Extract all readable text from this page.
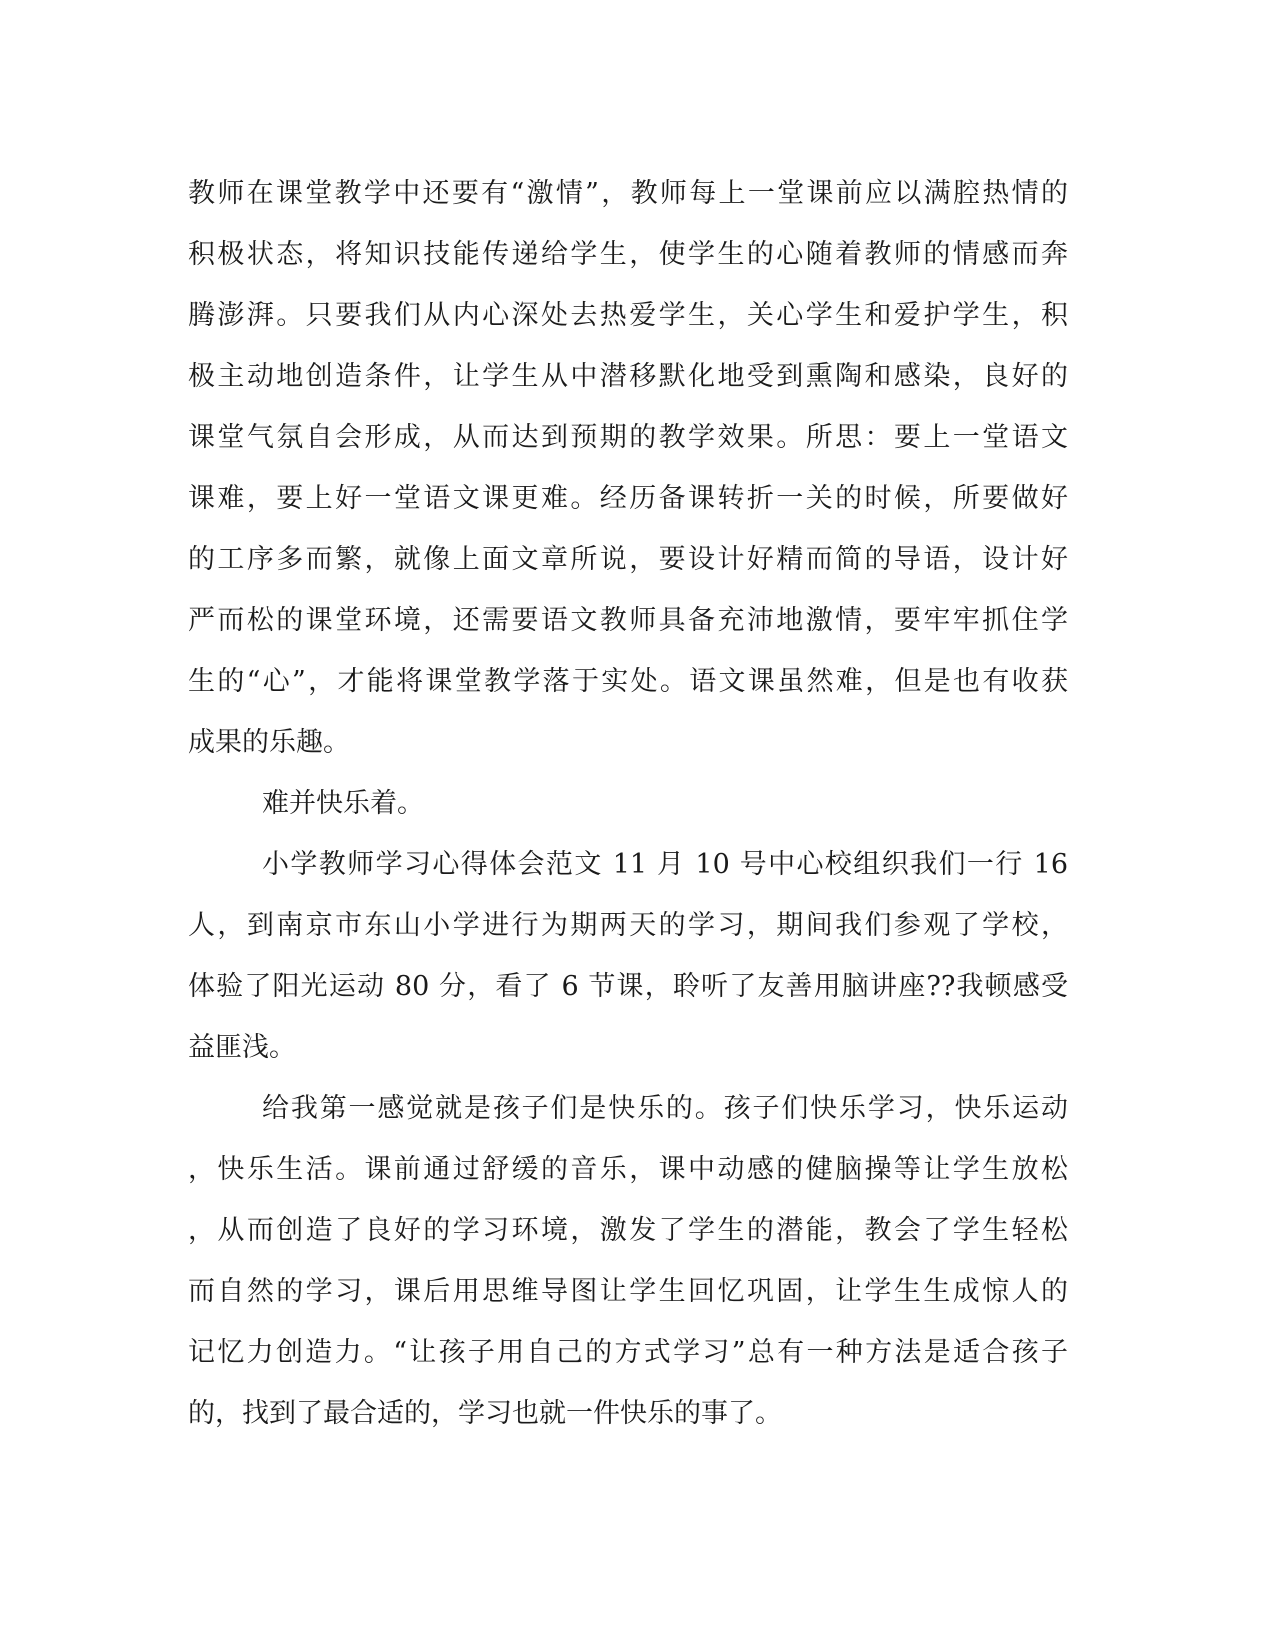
教师在课堂教学中还要有“激情”，教师每上一堂课前应以满腔热情的
积极状态，将知识技能传递给学生，使学生的心随着教师的情感而奔
腾澎湃。只要我们从内心深处去热爱学生，关心学生和爱护学生，积
极主动地创造条件，让学生从中潜移默化地受到熏陶和感染，良好的
课堂气氛自会形成，从而达到预期的教学效果。所思：要上一堂语文
课难，要上好一堂语文课更难。经历备课转折一关的时候，所要做好
的工序多而繁，就像上面文章所说，要设计好精而简的导语，设计好
严而松的课堂环境，还需要语文教师具备充沛地激情，要牢牢抓住学
生的“心”，才能将课堂教学落于实处。语文课虽然难，但是也有收获
成果的乐趣。
难并快乐着。
小学教师学习心得体会范文 11 月 10 号中心校组织我们一行 16
人，到南京市东山小学进行为期两天的学习，期间我们参观了学校，
体验了阳光运动 80 分，看了 6 节课，聆听了友善用脑讲座??我顿感受
益匪浅。
给我第一感觉就是孩子们是快乐的。孩子们快乐学习，快乐运动
，快乐生活。课前通过舒缓的音乐，课中动感的健脑操等让学生放松
，从而创造了良好的学习环境，激发了学生的潜能，教会了学生轻松
而自然的学习，课后用思维导图让学生回忆巩固，让学生生成惊人的
记忆力创造力。“让孩子用自己的方式学习”总有一种方法是适合孩子
的，找到了最合适的，学习也就一件快乐的事了。
